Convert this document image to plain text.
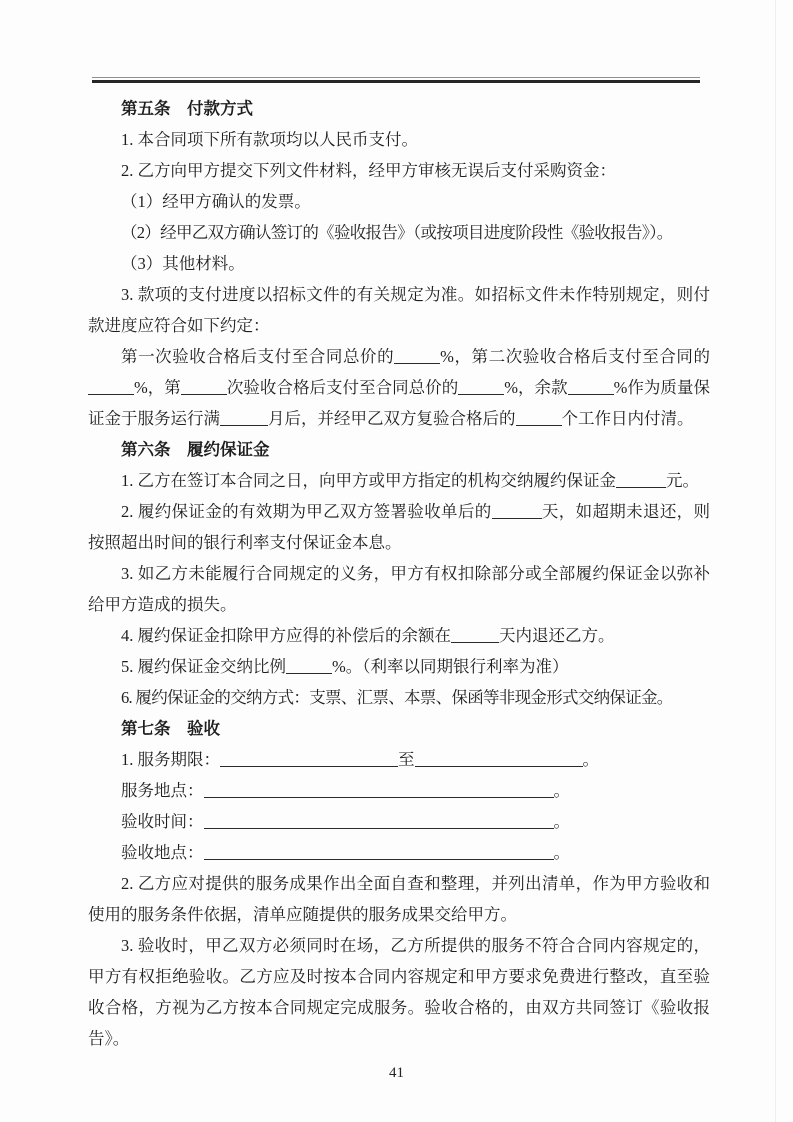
第五条　付款方式

1. 本合同项下所有款项均以人民币支付。

2. 乙方向甲方提交下列文件材料，经甲方审核无误后支付采购资金：

（1）经甲方确认的发票。

（2）经甲乙双方确认签订的《验收报告》（或按项目进度阶段性《验收报告》）。

（3）其他材料。

3. 款项的支付进度以招标文件的有关规定为准。如招标文件未作特别规定，则付款进度应符合如下约定：

第一次验收合格后支付至合同总价的	%，第二次验收合格后支付至合同的%，第	次验收合格后支付至合同总价的	%，余款	%作为质量保证金于服务运行满	月后，并经甲乙双方复验合格后的	个工作日内付清。

第六条　履约保证金

1. 乙方在签订本合同之日，向甲方或甲方指定的机构交纳履约保证金	元。

2. 履约保证金的有效期为甲乙双方签署验收单后的	天，如超期未退还，则按照超出时间的银行利率支付保证金本息。

3. 如乙方未能履行合同规定的义务，甲方有权扣除部分或全部履约保证金以弥补给甲方造成的损失。

4. 履约保证金扣除甲方应得的补偿后的余额在	天内退还乙方。

5. 履约保证金交纳比例	%。（利率以同期银行利率为准）

6. 履约保证金的交纳方式：支票、汇票、本票、保函等非现金形式交纳保证金。

第七条　验收

1. 服务期限：	至	。

服务地点：	。

验收时间：	。

验收地点：	。

2. 乙方应对提供的服务成果作出全面自查和整理，并列出清单，作为甲方验收和使用的服务条件依据，清单应随提供的服务成果交给甲方。

3. 验收时，甲乙双方必须同时在场，乙方所提供的服务不符合合同内容规定的，甲方有权拒绝验收。乙方应及时按本合同内容规定和甲方要求免费进行整改，直至验收合格，方视为乙方按本合同规定完成服务。验收合格的，由双方共同签订《验收报告》。

41
